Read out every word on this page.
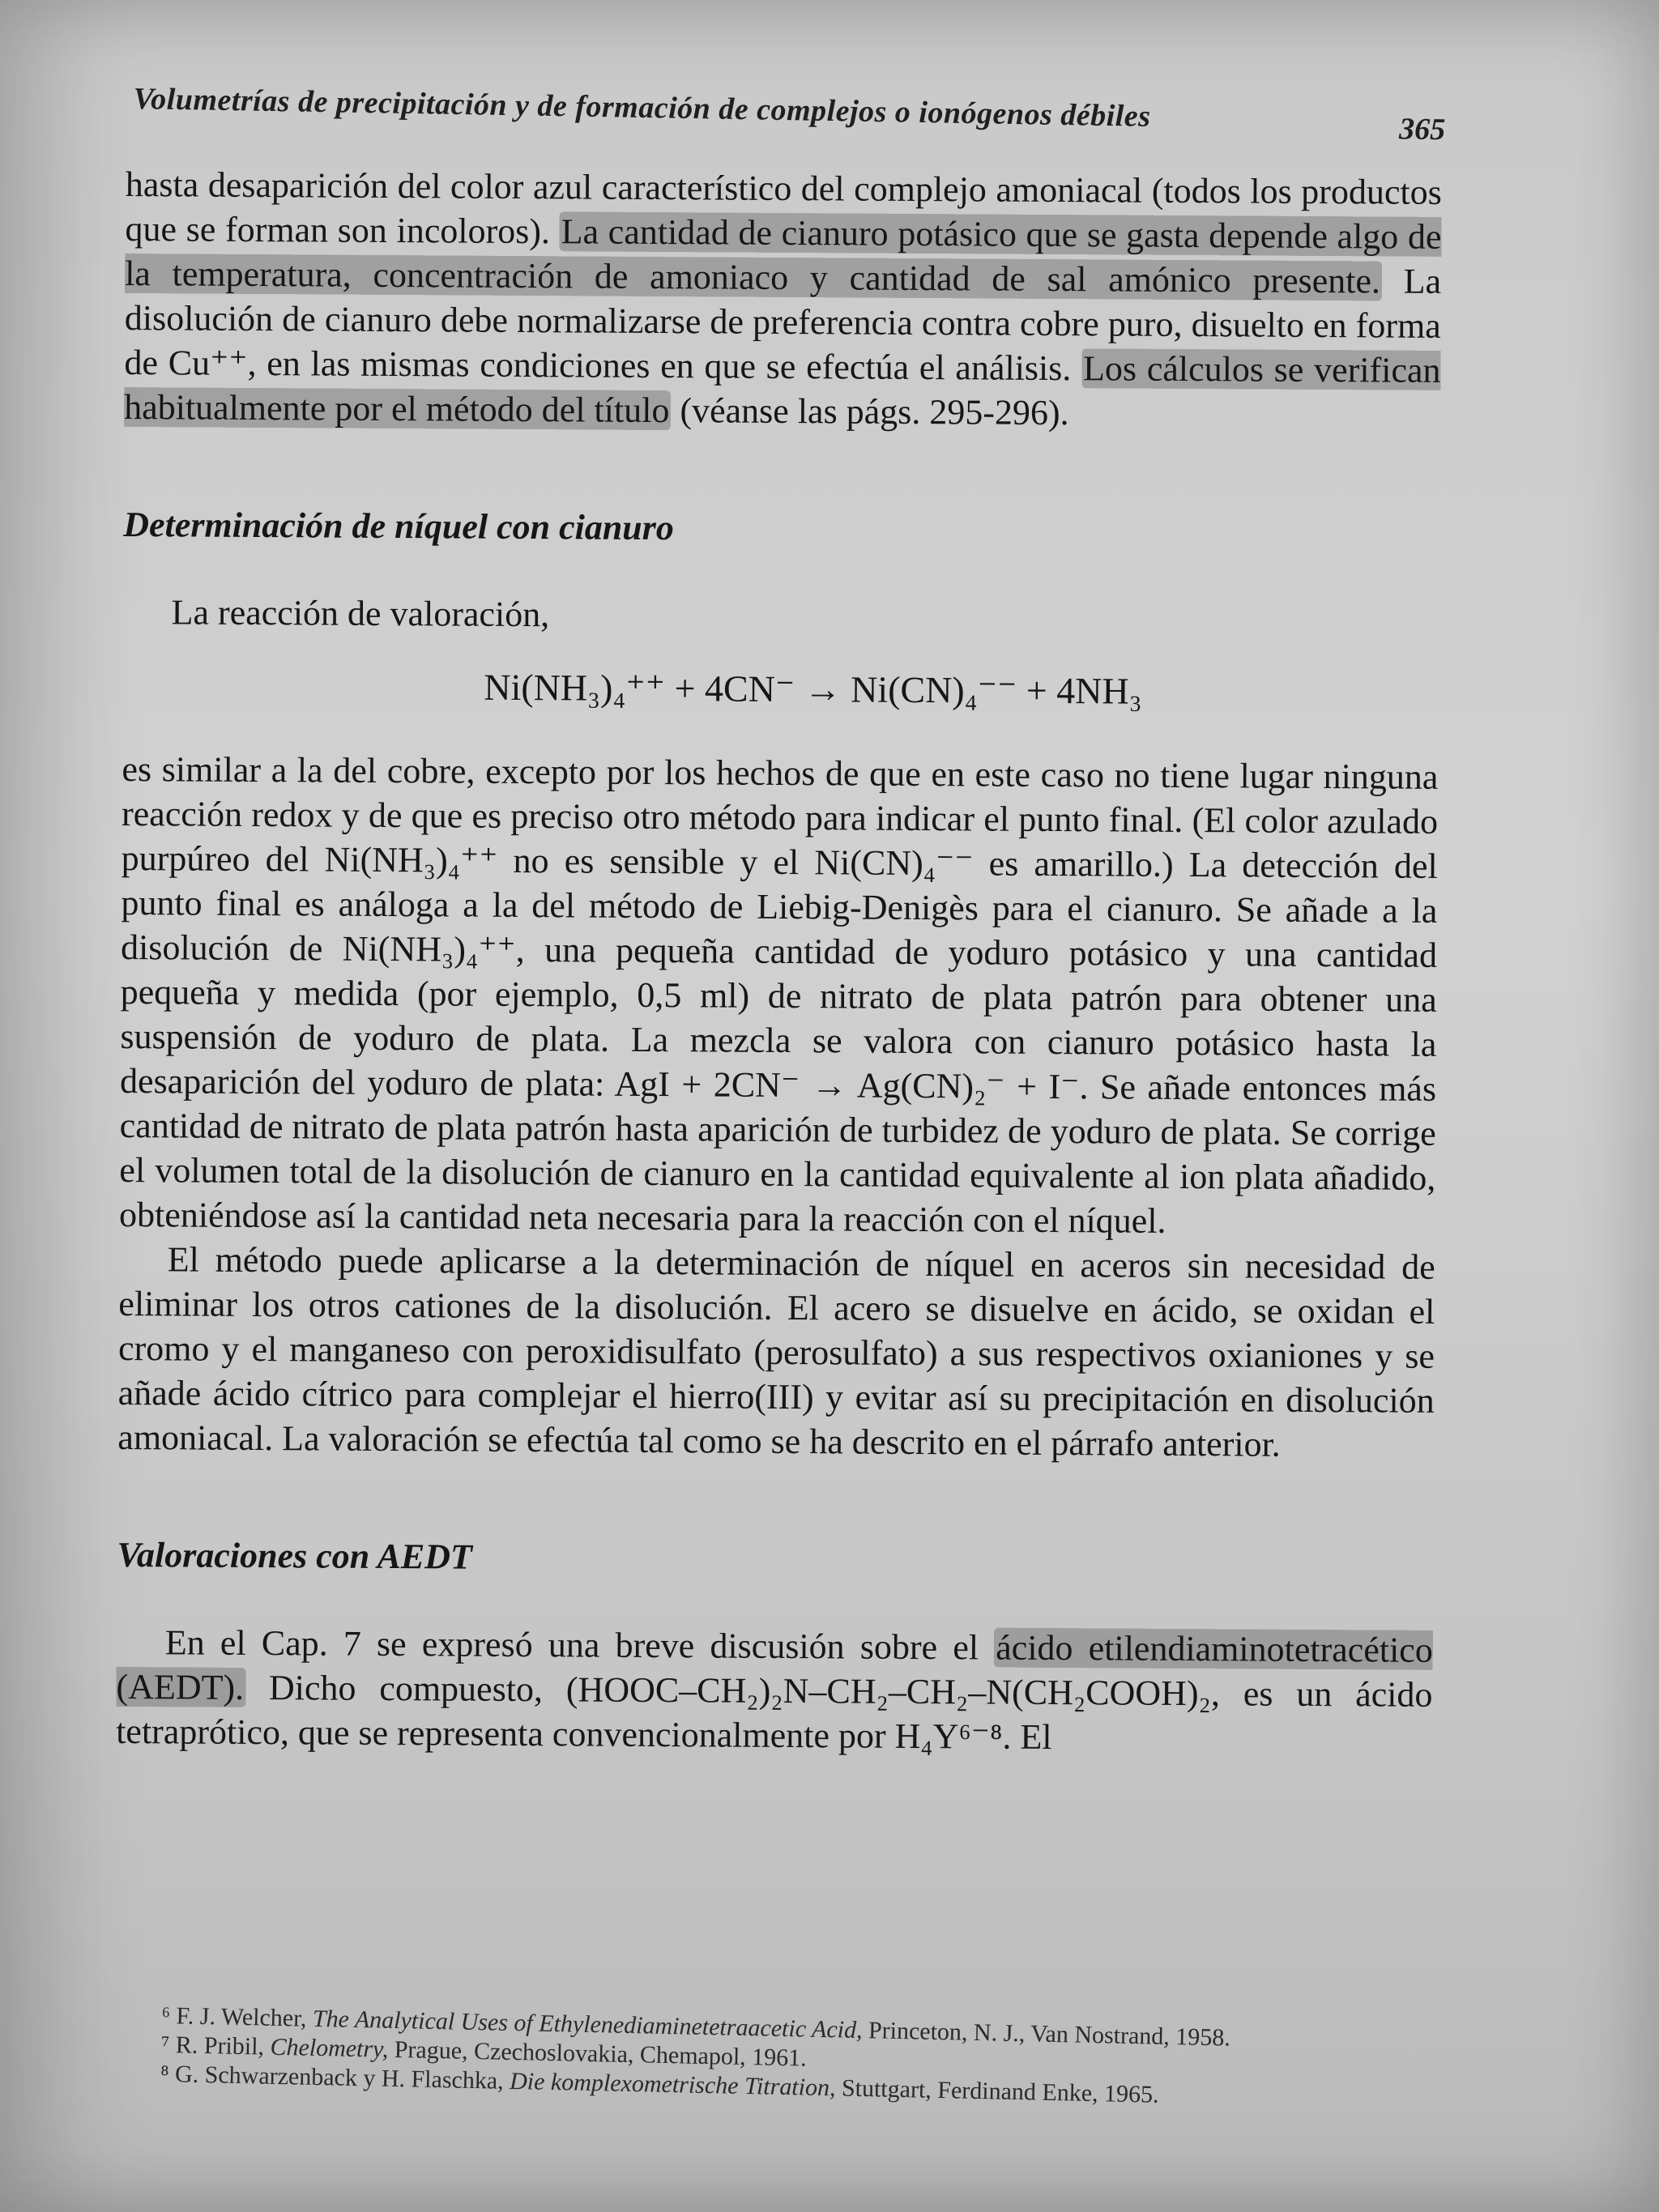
Volumetrías de precipitación y de formación de complejos o ionógenos débiles	365

hasta desaparición del color azul característico del complejo amoniacal (todos los productos que se forman son incoloros). La cantidad de cianuro potásico que se gasta depende algo de la temperatura, concentración de amoniaco y cantidad de sal amónico presente. La disolución de cianuro debe normalizarse de preferencia contra cobre puro, disuelto en forma de Cu⁺⁺, en las mismas condiciones en que se efectúa el análisis. Los cálculos se verifican habitualmente por el método del título (véanse las págs. 295-296).

Determinación de níquel con cianuro

La reacción de valoración,

Ni(NH₃)₄⁺⁺ + 4CN⁻ → Ni(CN)₄⁻⁻ + 4NH₃

es similar a la del cobre, excepto por los hechos de que en este caso no tiene lugar ninguna reacción redox y de que es preciso otro método para indicar el punto final. (El color azulado purpúreo del Ni(NH₃)₄⁺⁺ no es sensible y el Ni(CN)₄⁻⁻ es amarillo.) La detección del punto final es análoga a la del método de Liebig-Denigès para el cianuro. Se añade a la disolución de Ni(NH₃)₄⁺⁺, una pequeña cantidad de yoduro potásico y una cantidad pequeña y medida (por ejemplo, 0,5 ml) de nitrato de plata patrón para obtener una suspensión de yoduro de plata. La mezcla se valora con cianuro potásico hasta la desaparición del yoduro de plata: AgI + 2CN⁻ → Ag(CN)₂⁻ + I⁻. Se añade entonces más cantidad de nitrato de plata patrón hasta aparición de turbidez de yoduro de plata. Se corrige el volumen total de la disolución de cianuro en la cantidad equivalente al ion plata añadido, obteniéndose así la cantidad neta necesaria para la reacción con el níquel.

El método puede aplicarse a la determinación de níquel en aceros sin necesidad de eliminar los otros cationes de la disolución. El acero se disuelve en ácido, se oxidan el cromo y el manganeso con peroxidisulfato (perosulfato) a sus respectivos oxianiones y se añade ácido cítrico para complejar el hierro(III) y evitar así su precipitación en disolución amoniacal. La valoración se efectúa tal como se ha descrito en el párrafo anterior.

Valoraciones con AEDT

En el Cap. 7 se expresó una breve discusión sobre el ácido etilendiaminotetracético (AEDT). Dicho compuesto, (HOOC–CH₂)₂N–CH₂–CH₂–N(CH₂COOH)₂, es un ácido tetraprótico, que se representa convencionalmente por H₄Y⁶⁻⁸. El

⁶ F. J. Welcher, The Analytical Uses of Ethylenediaminetetraacetic Acid, Princeton, N. J., Van Nostrand, 1958.

⁷ R. Pribil, Chelometry, Prague, Czechoslovakia, Chemapol, 1961.

⁸ G. Schwarzenback y H. Flaschka, Die komplexometrische Titration, Stuttgart, Ferdinand Enke, 1965.
